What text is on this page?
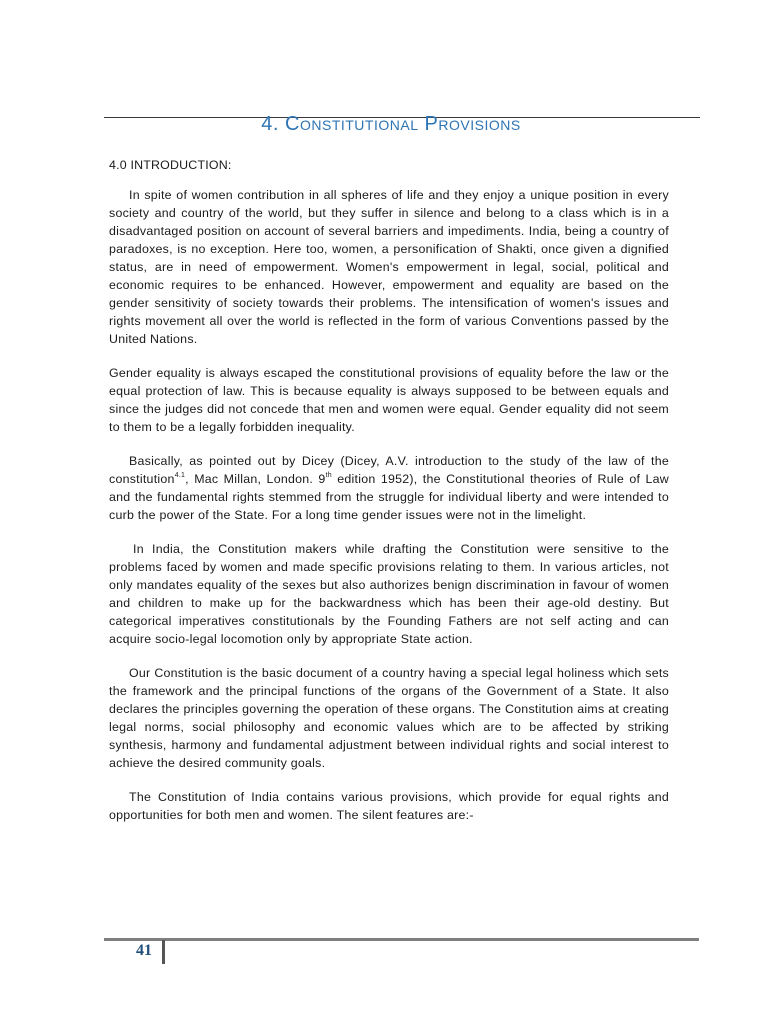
4. Constitutional Provisions
4.0 INTRODUCTION:

In spite of women contribution in all spheres of life and they enjoy a unique position in every society and country of the world, but they suffer in silence and belong to a class which is in a disadvantaged position on account of several barriers and impediments. India, being a country of paradoxes, is no exception. Here too, women, a personification of Shakti, once given a dignified status, are in need of empowerment. Women's empowerment in legal, social, political and economic requires to be enhanced. However, empowerment and equality are based on the gender sensitivity of society towards their problems. The intensification of women's issues and rights movement all over the world is reflected in the form of various Conventions passed by the United Nations.

Gender equality is always escaped the constitutional provisions of equality before the law or the equal protection of law. This is because equality is always supposed to be between equals and since the judges did not concede that men and women were equal. Gender equality did not seem to them to be a legally forbidden inequality.

Basically, as pointed out by Dicey (Dicey, A.V. introduction to the study of the law of the constitution$^{4.1}$, Mac Millan, London. 9th edition 1952), the Constitutional theories of Rule of Law and the fundamental rights stemmed from the struggle for individual liberty and were intended to curb the power of the State. For a long time gender issues were not in the limelight.

In India, the Constitution makers while drafting the Constitution were sensitive to the problems faced by women and made specific provisions relating to them. In various articles, not only mandates equality of the sexes but also authorizes benign discrimination in favour of women and children to make up for the backwardness which has been their age-old destiny. But categorical imperatives constitutionals by the Founding Fathers are not self acting and can acquire socio-legal locomotion only by appropriate State action.

Our Constitution is the basic document of a country having a special legal holiness which sets the framework and the principal functions of the organs of the Government of a State. It also declares the principles governing the operation of these organs. The Constitution aims at creating legal norms, social philosophy and economic values which are to be affected by striking synthesis, harmony and fundamental adjustment between individual rights and social interest to achieve the desired community goals.

The Constitution of India contains various provisions, which provide for equal rights and opportunities for both men and women. The silent features are:-

41
